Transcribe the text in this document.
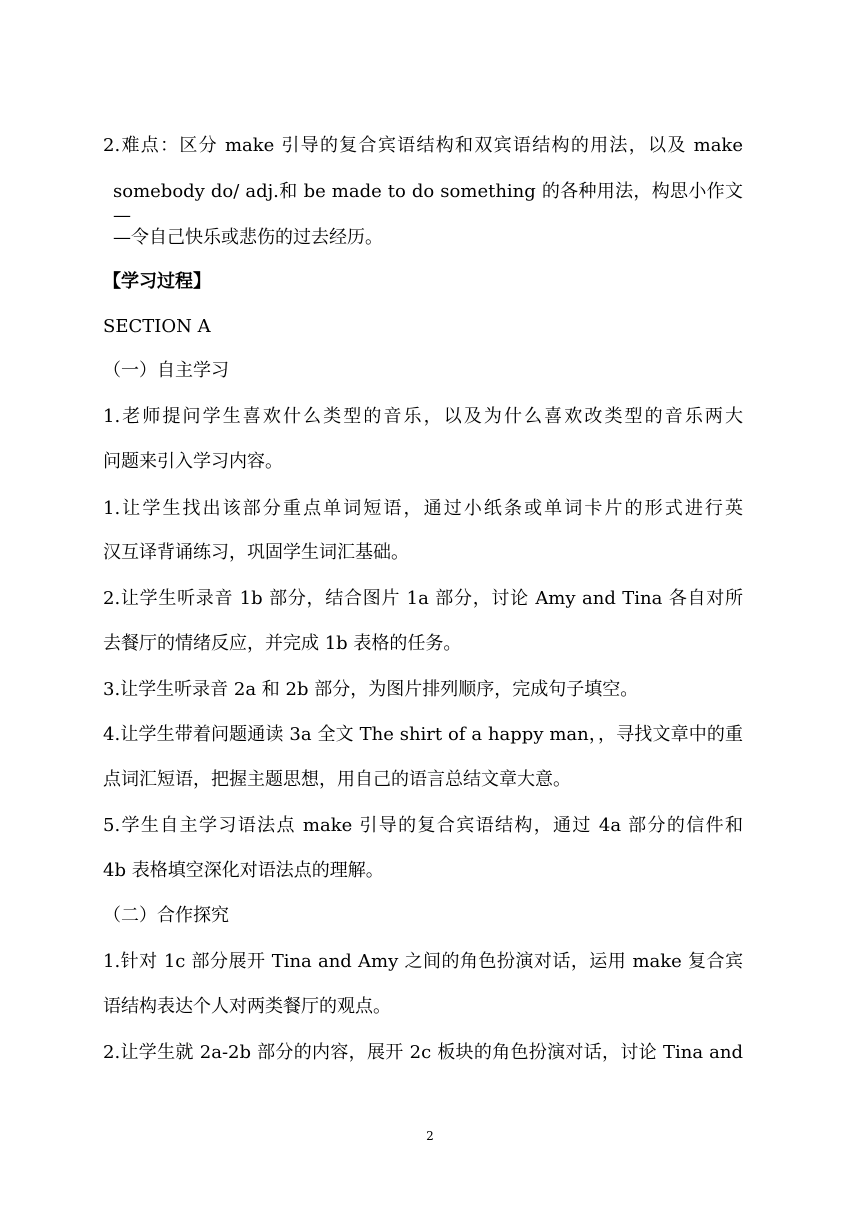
2.难点：区分 make 引导的复合宾语结构和双宾语结构的用法，以及 make
somebody do/ adj.和 be made to do something 的各种用法，构思小作文—
—令自己快乐或悲伤的过去经历。
【学习过程】
SECTION A
（一）自主学习
1.老师提问学生喜欢什么类型的音乐，以及为什么喜欢改类型的音乐两大
问题来引入学习内容。
1.让学生找出该部分重点单词短语，通过小纸条或单词卡片的形式进行英
汉互译背诵练习，巩固学生词汇基础。
2.让学生听录音 1b 部分，结合图片 1a 部分，讨论 Amy and Tina 各自对所
去餐厅的情绪反应，并完成 1b 表格的任务。
3.让学生听录音 2a 和 2b 部分，为图片排列顺序，完成句子填空。
4.让学生带着问题通读 3a 全文 The shirt of a happy man，，寻找文章中的重
点词汇短语，把握主题思想，用自己的语言总结文章大意。
5.学生自主学习语法点 make 引导的复合宾语结构，通过 4a 部分的信件和
4b 表格填空深化对语法点的理解。
（二）合作探究
1.针对 1c 部分展开 Tina and Amy 之间的角色扮演对话，运用 make 复合宾
语结构表达个人对两类餐厅的观点。
2.让学生就 2a-2b 部分的内容，展开 2c 板块的角色扮演对话，讨论 Tina and
2
